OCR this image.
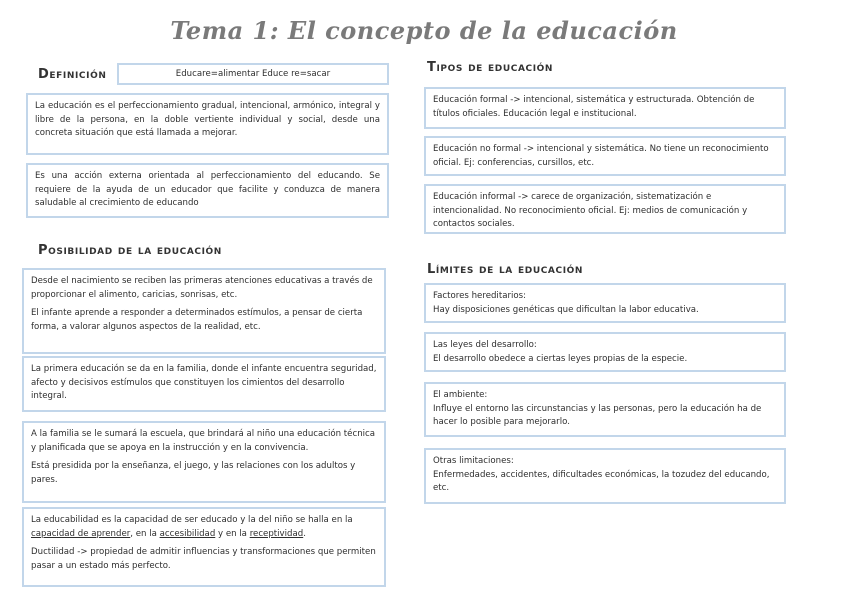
Tema 1: El concepto de la educación
Definición	Educare=alimentar Educe re=sacar

La educación es el perfeccionamiento gradual, intencional, armónico, integral y libre de la persona, en la doble vertiente individual y social, desde una concreta situación que está llamada a mejorar.

Es una acción externa orientada al perfeccionamiento del educando. Se requiere de la ayuda de un educador que facilite y conduzca de manera saludable al crecimiento de educando

Posibilidad de la educación

Desde el nacimiento se reciben las primeras atenciones educativas a través de proporcionar el alimento, caricias, sonrisas, etc.

El infante aprende a responder a determinados estímulos, a pensar de cierta forma, a valorar algunos aspectos de la realidad, etc.

La primera educación se da en la familia, donde el infante encuentra seguridad, afecto y decisivos estímulos que constituyen los cimientos del desarrollo integral.

A la familia se le sumará la escuela, que brindará al niño una educación técnica y planificada que se apoya en la instrucción y en la convivencia.

Está presidida por la enseñanza, el juego, y las relaciones con los adultos y pares.

La educabilidad es la capacidad de ser educado y la del niño se halla en la capacidad de aprender, en la accesibilidad y en la receptividad.

Ductilidad -> propiedad de admitir influencias y transformaciones que permiten pasar a un estado más perfecto.

Tipos de educación

Educación formal -> intencional, sistemática y estructurada. Obtención de títulos oficiales. Educación legal e institucional.

Educación no formal -> intencional y sistemática. No tiene un reconocimiento oficial. Ej: conferencias, cursillos, etc.

Educación informal -> carece de organización, sistematización e intencionalidad. No reconocimiento oficial. Ej: medios de comunicación y contactos sociales.

Límites de la educación

Factores hereditarios:

Hay disposiciones genéticas que dificultan la labor educativa.

Las leyes del desarrollo:

El desarrollo obedece a ciertas leyes propias de la especie.

El ambiente:

Influye el entorno las circunstancias y las personas, pero la educación ha de hacer lo posible para mejorarlo.

Otras limitaciones:

Enfermedades, accidentes, dificultades económicas, la tozudez del educando, etc.
